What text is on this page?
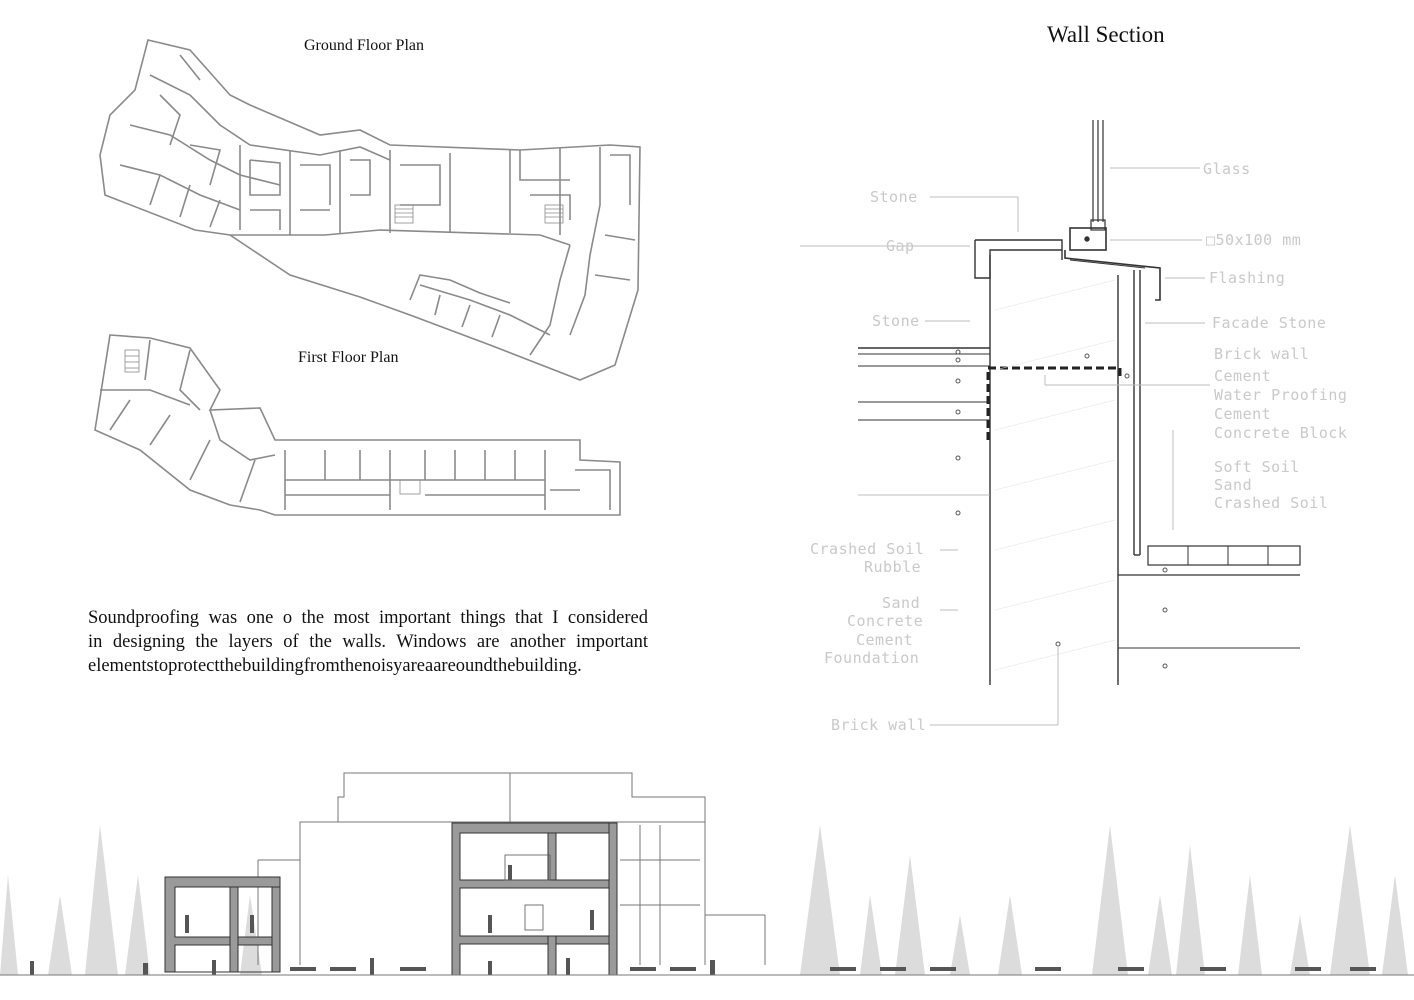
Ground Floor Plan
First Floor Plan
Soundproofing was one o the most important things that I considered
in designing the layers of the walls. Windows are another important
elementstoprotectthebuildingfromthenoisyareaareoundthebuilding.
Wall Section
Glass
Stone
□50x100 mm
Gap
Flashing
Stone	Facade Stone
Brick wall
Cement
Water Proofing
Cement
Concrete Block
Soft Soil
Sand
Crashed Soil
Crashed Soil
Rubble
Sand
Concrete
Cement
Foundation
Brick wall
